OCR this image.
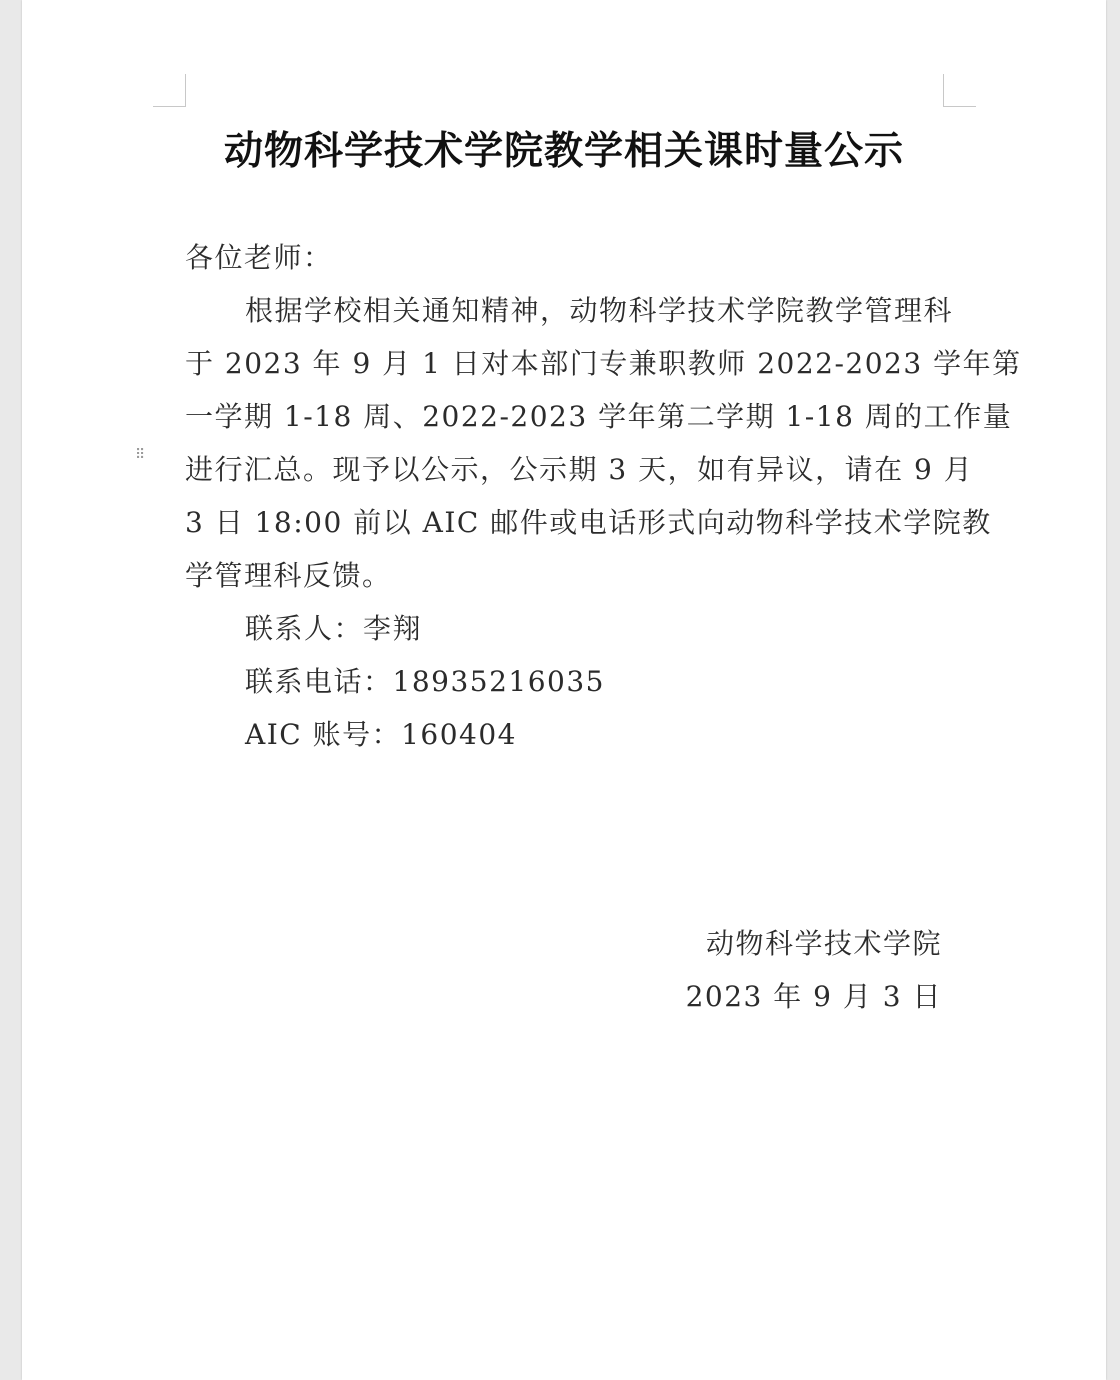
⠿
动物科学技术学院教学相关课时量公示
各位老师：
根据学校相关通知精神，动物科学技术学院教学管理科
于 2023 年 9 月 1 日对本部门专兼职教师 2022-2023 学年第
一学期 1-18 周、2022-2023 学年第二学期 1-18 周的工作量
进行汇总。现予以公示，公示期 3 天，如有异议，请在 9 月
3 日 18:00 前以 AIC 邮件或电话形式向动物科学技术学院教
学管理科反馈。
联系人：李翔
联系电话：18935216035
AIC 账号：160404
动物科学技术学院
2023 年 9 月 3 日
